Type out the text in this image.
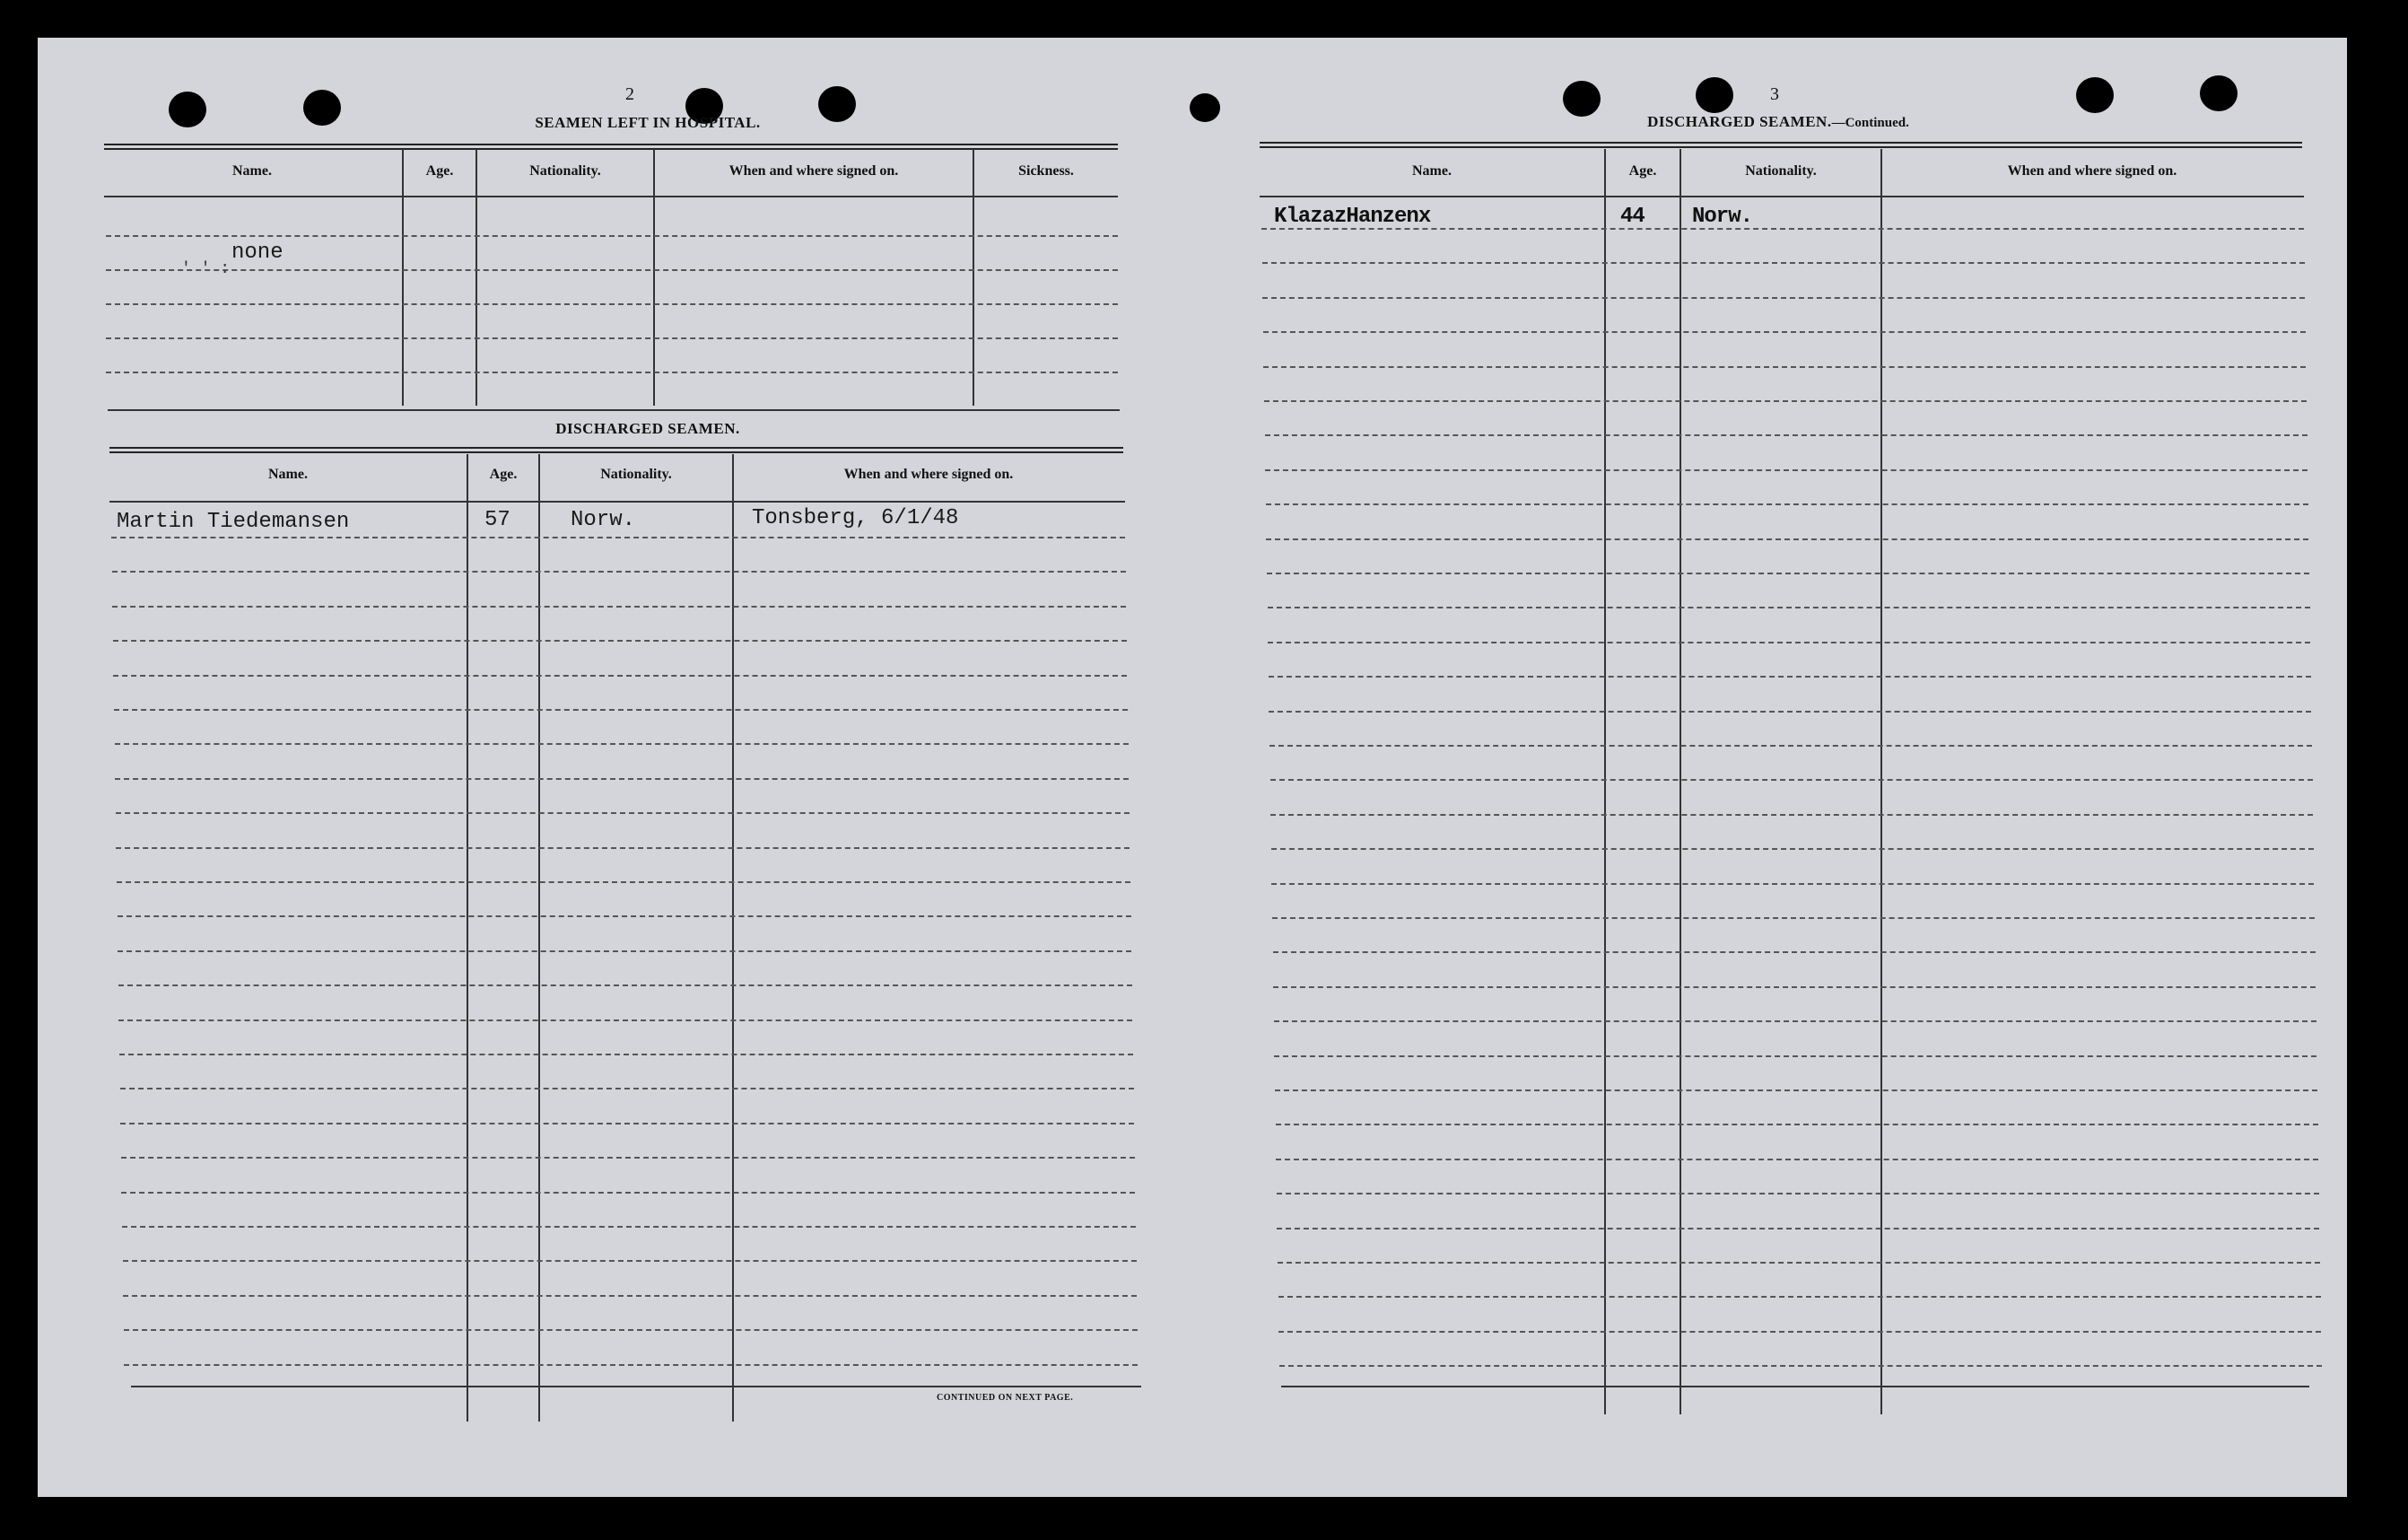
2
SEAMEN LEFT IN HOSPITAL.
Name.	Age.	Nationality.	When and where signed on.	Sickness.
none
' ' :
DISCHARGED SEAMEN.
Name.	Age.	Nationality.	When and where signed on.
Martin Tiedemansen	57	Norw.	Tonsberg, 6/1/48
CONTINUED ON NEXT PAGE.
3
DISCHARGED SEAMEN.—Continued.
Name.	Age.	Nationality.	When and where signed on.
KlazazHanzenx	44 Norw.
